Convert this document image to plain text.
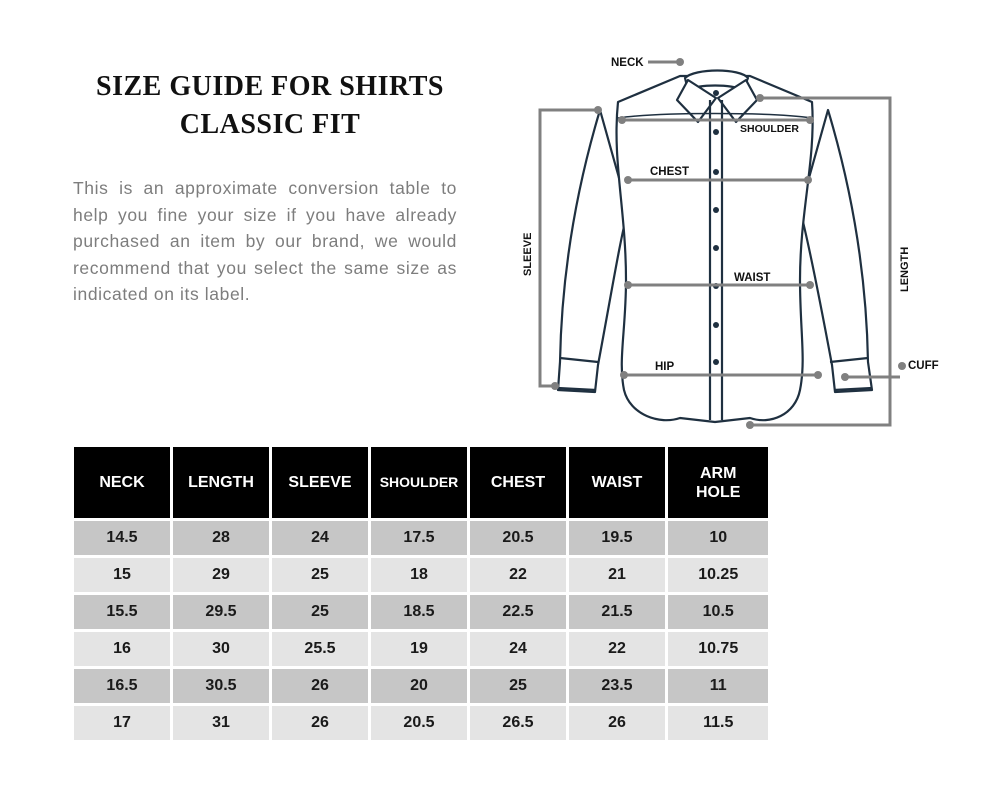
SIZE GUIDE FOR SHIRTS
CLASSIC FIT

This is an approximate conversion table to help you fine your size if you have already purchased an item by our brand, we would recommend that you select the same size as indicated on its label.

NECK
SHOULDER
CHEST
WAIST
HIP
SLEEVE	LENGTH
CUFF
NECK	LENGTH	SLEEVE	SHOULDER	CHEST	WAIST	ARM HOLE
14.5	28	24	17.5	20.5	19.5	10
15	29	25	18	22	21	10.25
15.5	29.5	25	18.5	22.5	21.5	10.5
16	30	25.5	19	24	22	10.75
16.5	30.5	26	20	25	23.5	11
17	31	26	20.5	26.5	26	11.5
